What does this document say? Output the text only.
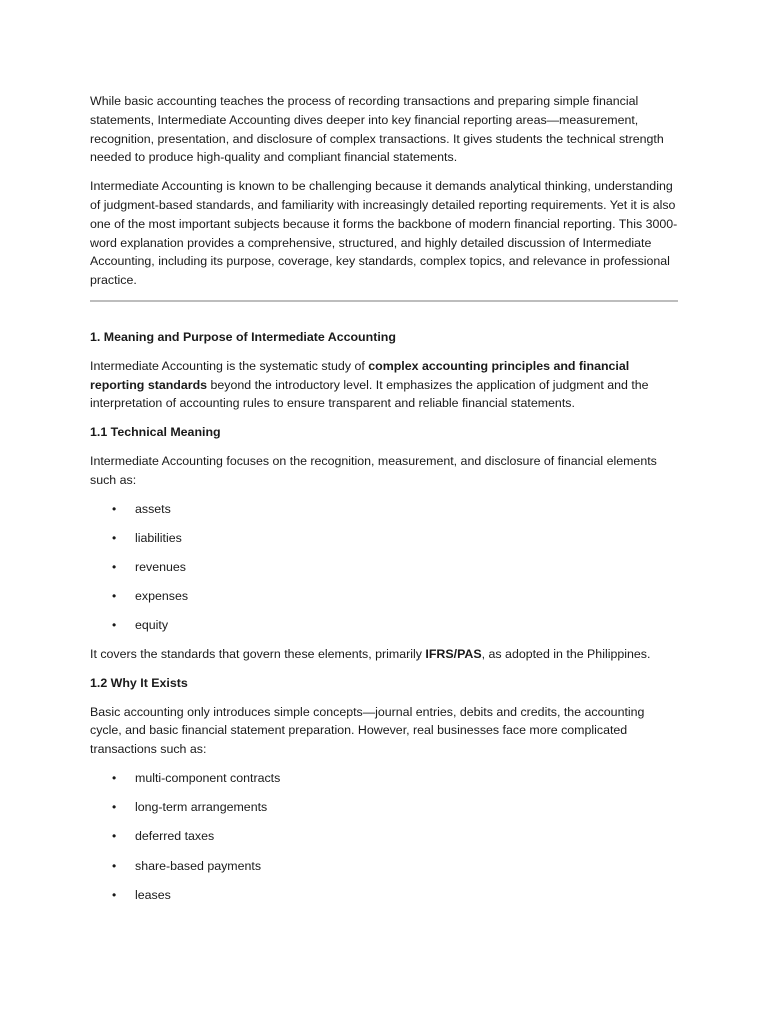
While basic accounting teaches the process of recording transactions and preparing simple financial statements, Intermediate Accounting dives deeper into key financial reporting areas—measurement, recognition, presentation, and disclosure of complex transactions. It gives students the technical strength needed to produce high-quality and compliant financial statements.

Intermediate Accounting is known to be challenging because it demands analytical thinking, understanding of judgment-based standards, and familiarity with increasingly detailed reporting requirements. Yet it is also one of the most important subjects because it forms the backbone of modern financial reporting. This 3000-word explanation provides a comprehensive, structured, and highly detailed discussion of Intermediate Accounting, including its purpose, coverage, key standards, complex topics, and relevance in professional practice.

1. Meaning and Purpose of Intermediate Accounting

Intermediate Accounting is the systematic study of complex accounting principles and financial reporting standards beyond the introductory level. It emphasizes the application of judgment and the interpretation of accounting rules to ensure transparent and reliable financial statements.

1.1 Technical Meaning

Intermediate Accounting focuses on the recognition, measurement, and disclosure of financial elements such as:

• assets
• liabilities
• revenues
• expenses
• equity

It covers the standards that govern these elements, primarily IFRS/PAS, as adopted in the Philippines.

1.2 Why It Exists

Basic accounting only introduces simple concepts—journal entries, debits and credits, the accounting cycle, and basic financial statement preparation. However, real businesses face more complicated transactions such as:

• multi-component contracts
• long-term arrangements
• deferred taxes
• share-based payments
• leases
